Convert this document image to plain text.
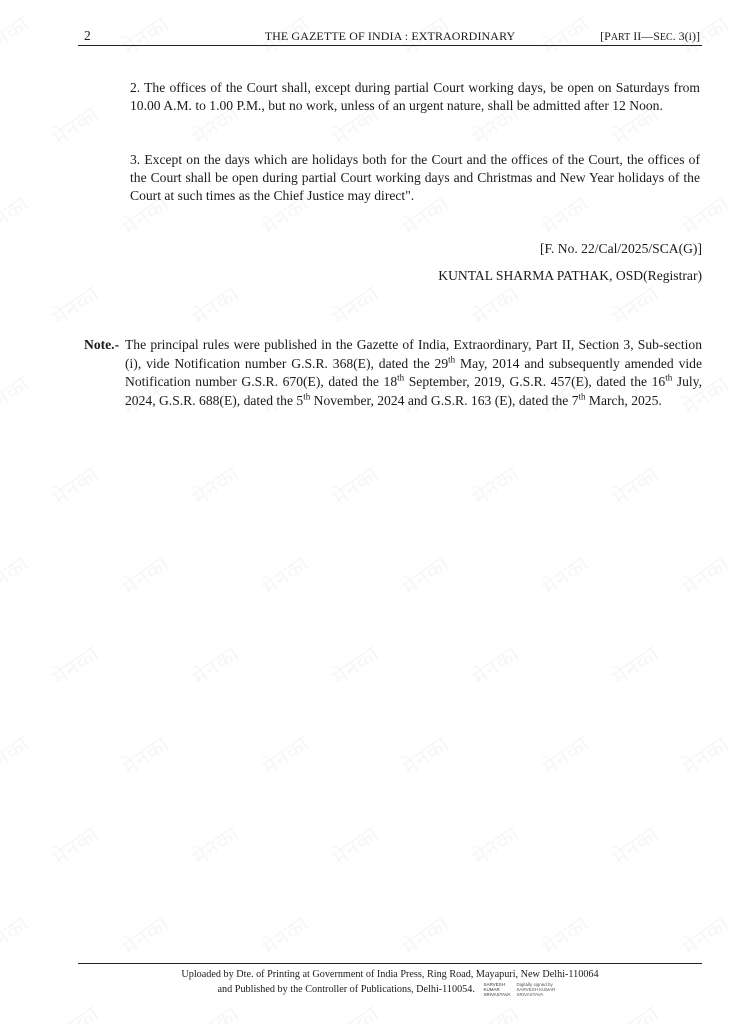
2	THE GAZETTE OF INDIA : EXTRAORDINARY	[PART II—SEC. 3(i)]

2. The offices of the Court shall, except during partial Court working days, be open on Saturdays from 10.00 A.M. to 1.00 P.M., but no work, unless of an urgent nature, shall be admitted after 12 Noon.

3. Except on the days which are holidays both for the Court and the offices of the Court, the offices of the Court shall be open during partial Court working days and Christmas and New Year holidays of the Court at such times as the Chief Justice may direct".

[F. No. 22/Cal/2025/SCA(G)]
KUNTAL SHARMA PATHAK, OSD(Registrar)
Note.- The principal rules were published in the Gazette of India, Extraordinary, Part II, Section 3, Sub-section (i), vide Notification number G.S.R. 368(E), dated the 29th May, 2014 and subsequently amended vide Notification number G.S.R. 670(E), dated the 18th September, 2019, G.S.R. 457(E), dated the 16th July, 2024, G.S.R. 688(E), dated the 5th November, 2024 and G.S.R. 163 (E), dated the 7th March, 2025.
Uploaded by Dte. of Printing at Government of India Press, Ring Road, Mayapuri, New Delhi-110064
and Published by the Controller of Publications, Delhi-110054. SARVESH KUMAR SRIVASTAVADigitally signed by SARVESH KUMAR SRIVASTAVA
